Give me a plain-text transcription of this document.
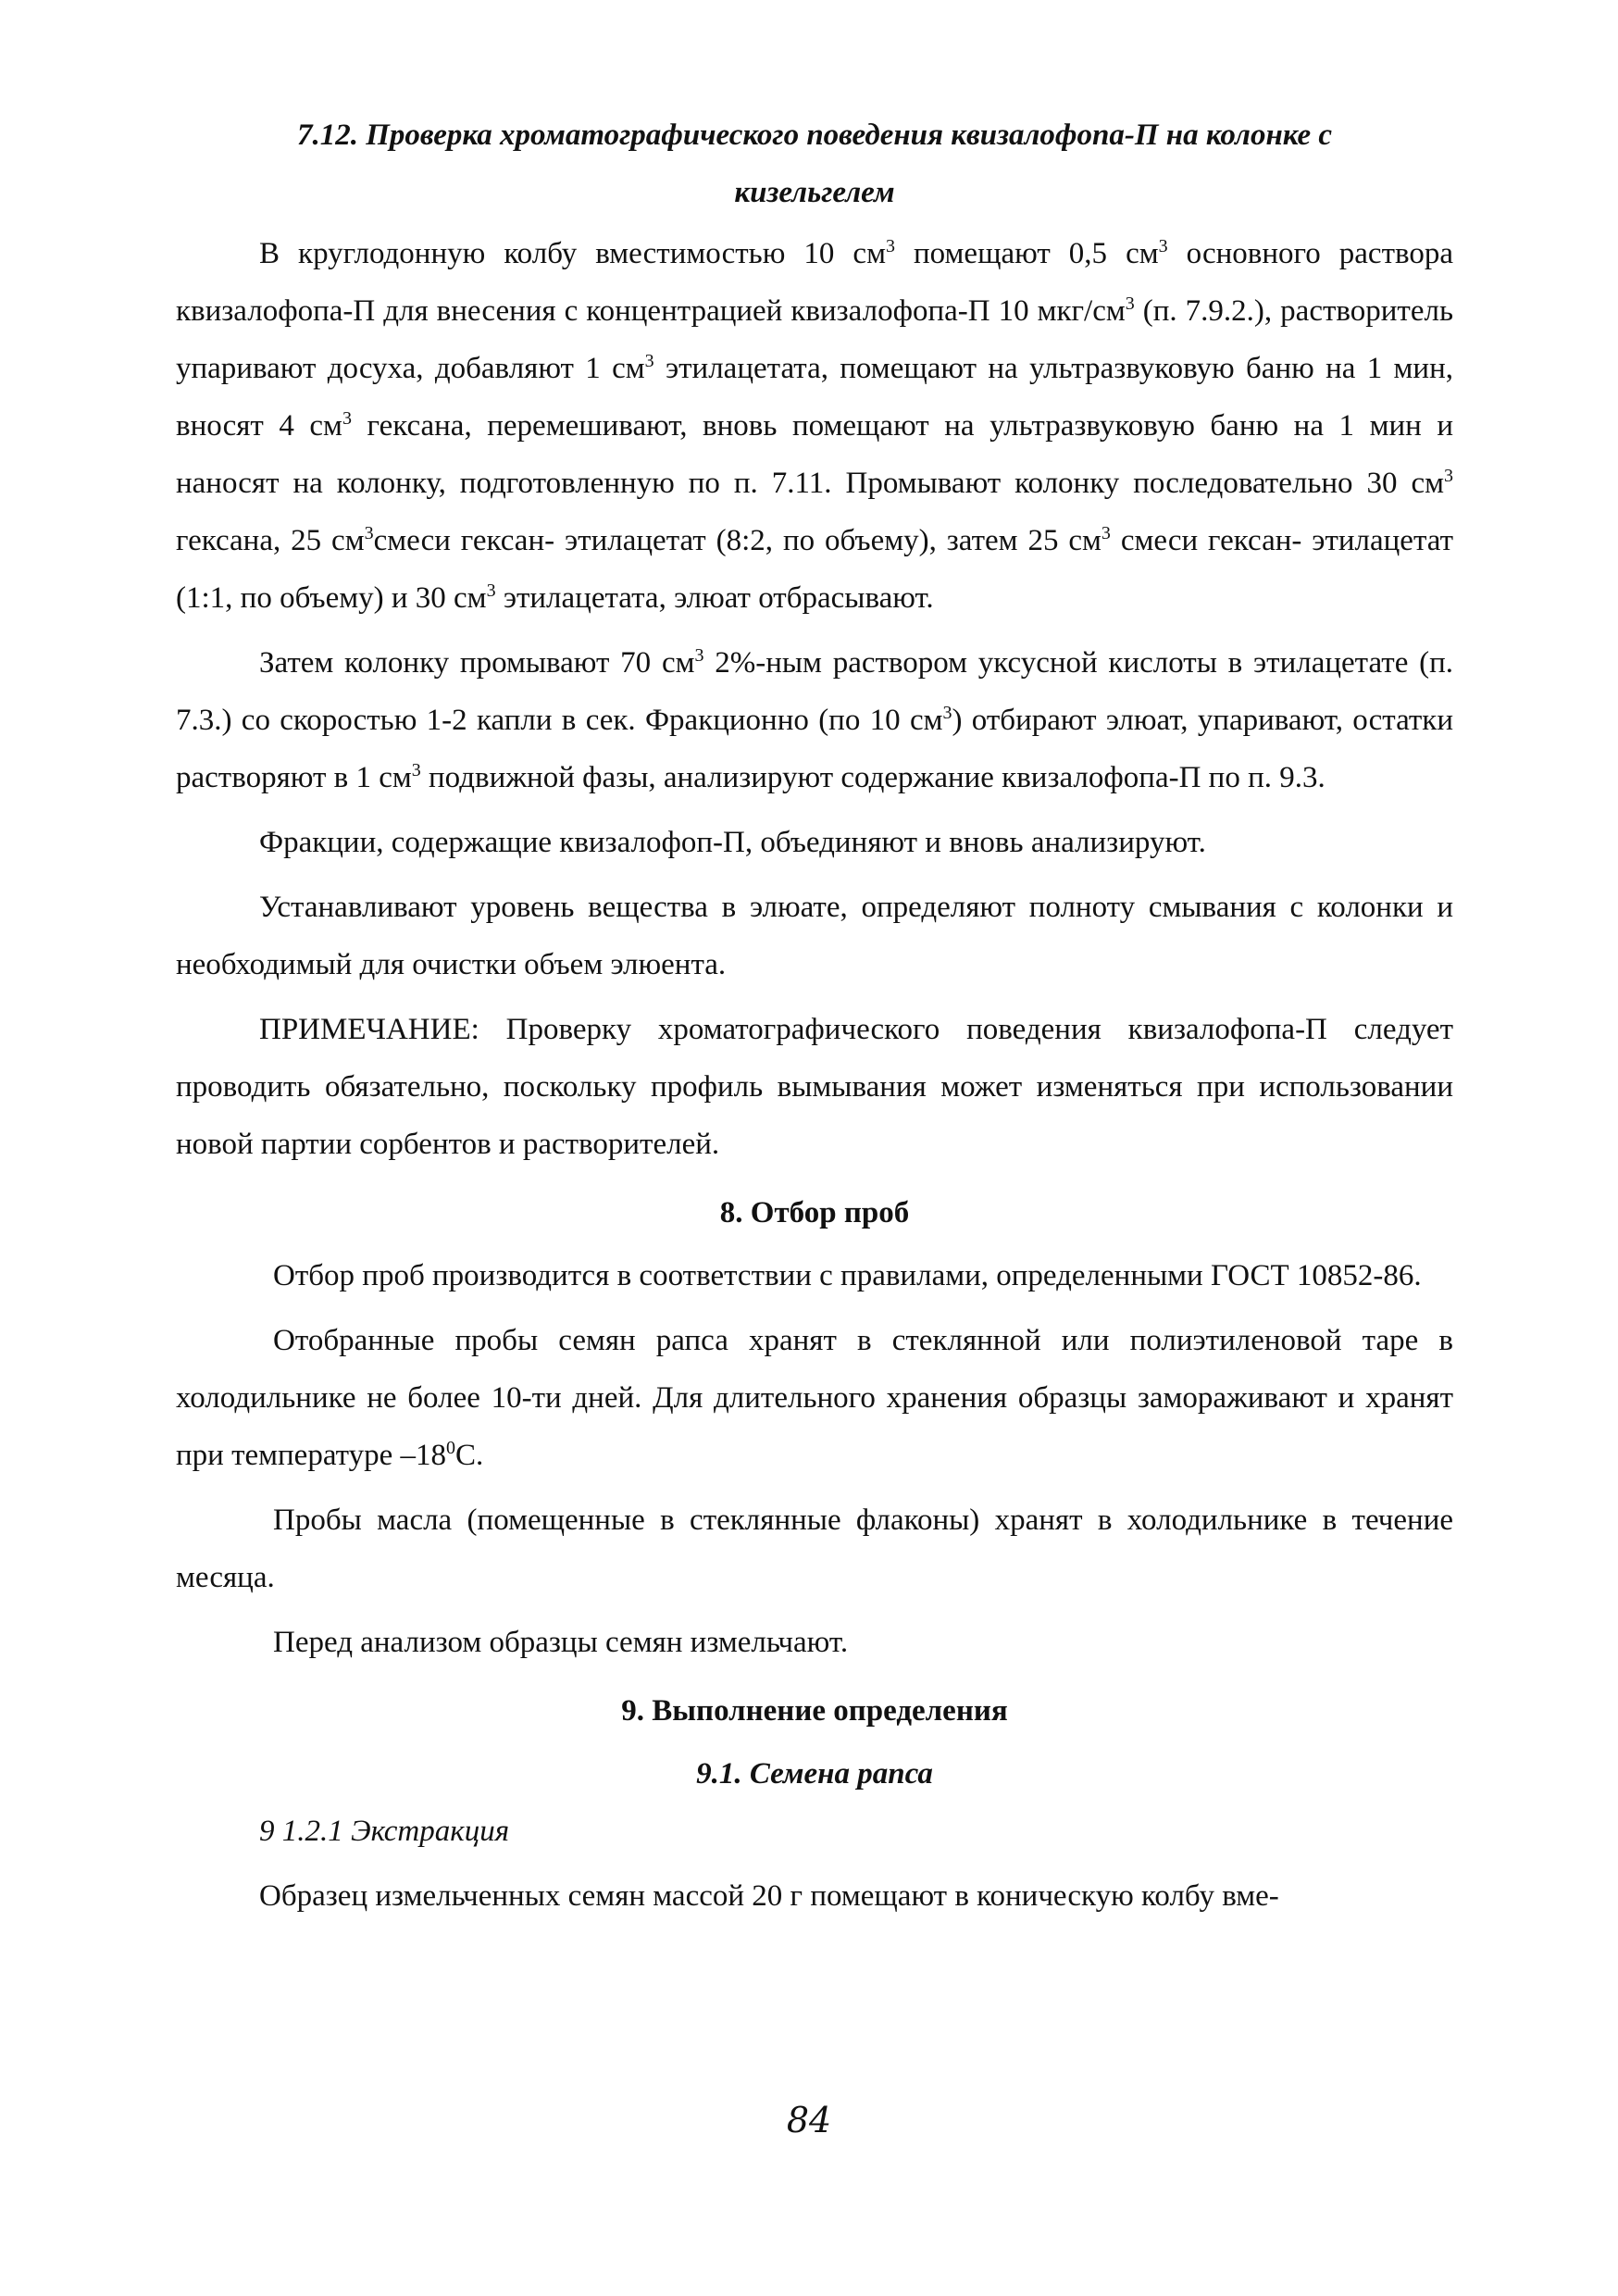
7.12. Проверка хроматографического поведения квизалофопа-П на колонке с
кизельгелем

В круглодонную колбу вместимостью 10 $см^3$ помещают 0,5 $см^3$ основного раствора квизалофопа-П для внесения с концентрацией квизалофопа-П 10 мкг/$см^3$ (п. 7.9.2.), растворитель упаривают досуха, добавляют 1 $см^3$ этилацетата, помещают на ультразвуковую баню на 1 мин, вносят 4 $см^3$ гексана, перемешивают, вновь помещают на ультразвуковую баню на 1 мин и наносят на колонку, подготовленную по п. 7.11. Промывают колонку последовательно 30 $см^3$ гексана, 25 $см^3смеси$ гексан- этилацетат (8:2, по объему), затем 25 $см^3$ смеси гексан- этилацетат (1:1, по объему) и 30 $см^3$ этилацетата, элюат отбрасывают.

Затем колонку промывают 70 $см^3$ 2%-ным раствором уксусной кислоты в этилацетате (п. 7.3.) со скоростью 1-2 капли в сек. Фракционно (по 10 $см^3$) отбирают элюат, упаривают, остатки растворяют в 1 $см^3$ подвижной фазы, анализируют содержание квизалофопа-П по п. 9.3.

Фракции, содержащие квизалофоп-П, объединяют и вновь анализируют.

Устанавливают уровень вещества в элюате, определяют полноту смывания с колонки и необходимый для очистки объем элюента.

ПРИМЕЧАНИЕ: Проверку хроматографического поведения квизалофопа-П следует проводить обязательно, поскольку профиль вымывания может изменяться при использовании новой партии сорбентов и растворителей.

8. Отбор проб

Отбор проб производится в соответствии с правилами, определенными ГОСТ 10852-86.

Отобранные пробы семян рапса хранят в стеклянной или полиэтиленовой таре в холодильнике не более 10-ти дней. Для длительного хранения образцы замораживают и хранят при температуре $-18^0С$.

Пробы масла (помещенные в стеклянные флаконы) хранят в холодильнике в течение месяца.

Перед анализом образцы семян измельчают.

9. Выполнение определения
9.1. Семена рапса
9 1.2.1 Экстракция

Образец измельченных семян массой 20 г помещают в коническую колбу вме-

84
